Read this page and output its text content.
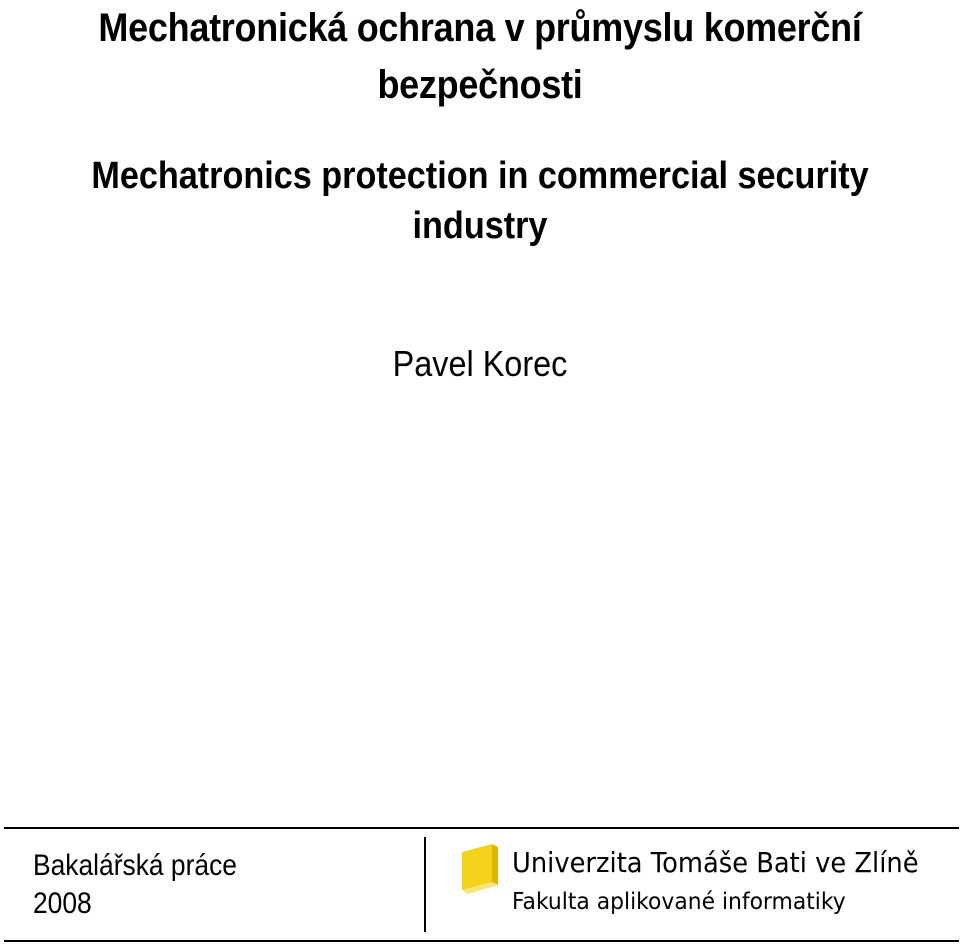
Mechatronická ochrana v průmyslu komerční bezpečnosti
Mechatronics protection in commercial security industry
Pavel Korec
Bakalářská práce
2008
Univerzita Tomáše Bati ve Zlíně
Fakulta aplikované informatiky
